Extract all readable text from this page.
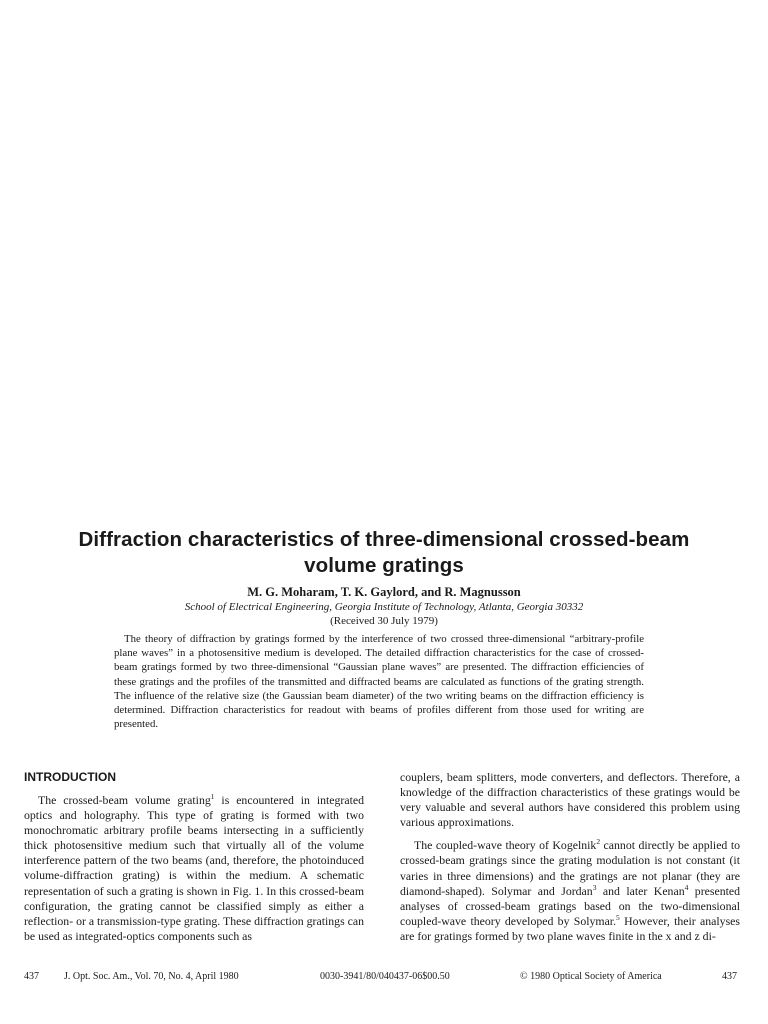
Diffraction characteristics of three-dimensional crossed-beam
volume gratings
M. G. Moharam, T. K. Gaylord, and R. Magnusson
School of Electrical Engineering, Georgia Institute of Technology, Atlanta, Georgia 30332
(Received 30 July 1979)

The theory of diffraction by gratings formed by the interference of two crossed three-dimensional “arbitrary-profile plane waves” in a photosensitive medium is developed. The detailed diffraction characteristics for the case of crossed-beam gratings formed by two three-dimensional “Gaussian plane waves” are presented. The diffraction efficiencies of these gratings and the profiles of the transmitted and diffracted beams are calculated as functions of the grating strength. The influence of the relative size (the Gaussian beam diameter) of the two writing beams on the diffraction efficiency is determined. Diffraction characteristics for readout with beams of profiles different from those used for writing are presented.

INTRODUCTION

The crossed-beam volume grating$^1$ is encountered in integrated optics and holography. This type of grating is formed with two monochromatic arbitrary profile beams intersecting in a sufficiently thick photosensitive medium such that virtually all of the volume interference pattern of the two beams (and, therefore, the photoinduced volume-diffraction grating) is within the medium. A schematic representation of such a grating is shown in Fig. 1. In this crossed-beam configuration, the grating cannot be classified simply as either a reflection- or a transmission-type grating. These diffraction gratings can be used as integrated-optics components such as

couplers, beam splitters, mode converters, and deflectors. Therefore, a knowledge of the diffraction characteristics of these gratings would be very valuable and several authors have considered this problem using various approximations.

The coupled-wave theory of Kogelnik$^2$ cannot directly be applied to crossed-beam gratings since the grating modulation is not constant (it varies in three dimensions) and the gratings are not planar (they are diamond-shaped). Solymar and Jordan$^3$ and later Kenan$^4$ presented analyses of crossed-beam gratings based on the two-dimensional coupled-wave theory developed by Solymar.$^5$ However, their analyses are for gratings formed by two plane waves finite in the x and z di-

437	J. Opt. Soc. Am., Vol. 70, No. 4, April 1980	0030-3941/80/040437-06$00.50	© 1980 Optical Society of America	437
